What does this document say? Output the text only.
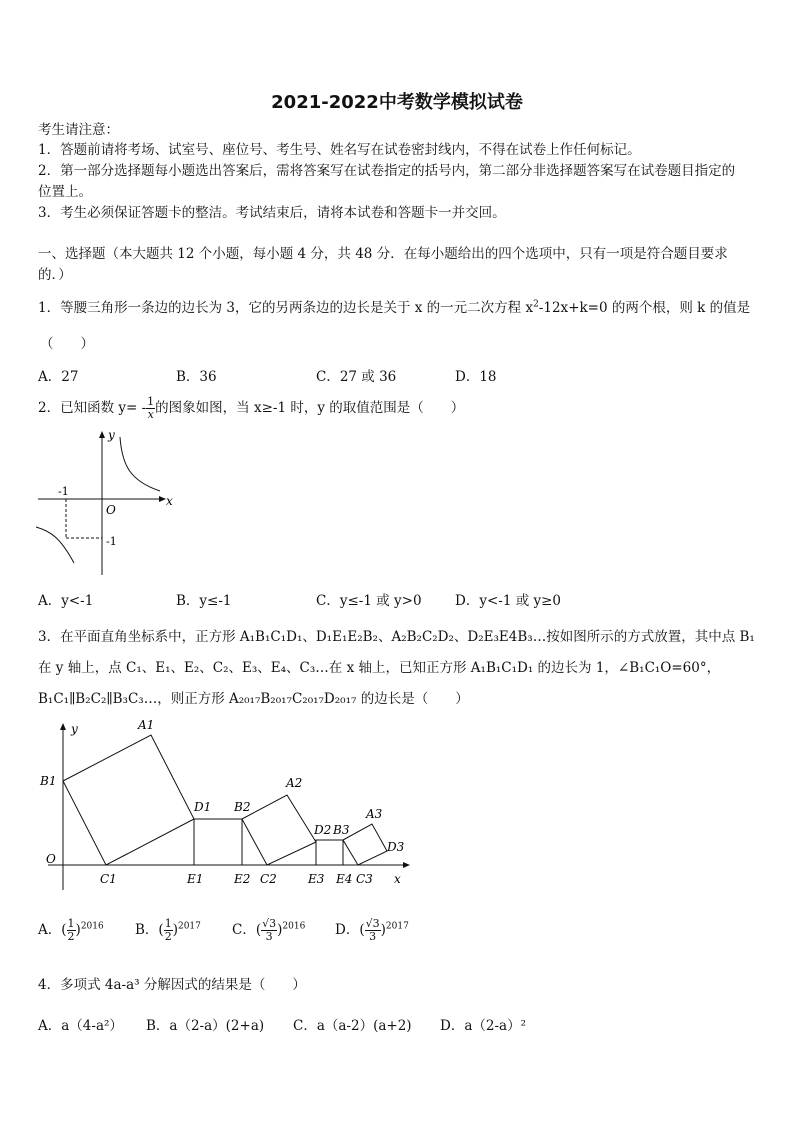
2021-2022中考数学模拟试卷
考生请注意：
1．答题前请将考场、试室号、座位号、考生号、姓名写在试卷密封线内，不得在试卷上作任何标记。
2．第一部分选择题每小题选出答案后，需将答案写在试卷指定的括号内，第二部分非选择题答案写在试卷题目指定的
位置上。
3．考生必须保证答题卡的整洁。考试结束后，请将本试卷和答题卡一并交回。
一、选择题（本大题共 12 个小题，每小题 4 分，共 48 分．在每小题给出的四个选项中，只有一项是符合题目要求
的．）
1．等腰三角形一条边的边长为 3，它的另两条边的边长是关于 x 的一元二次方程 $x^2-12x+k=0$ 的两个根，则 k 的值是
（　　）
A．27	B．36	C．27 或 36	D．18
2．已知函数 $y= - \frac{1}{x}$ 的图象如图，当 x≥-1 时，y 的取值范围是（　　）
y
x
O
-1
-1
A．y<-1	B．y≤-1	C．y≤-1 或 y>0 D．y<-1 或 y≥0
3．在平面直角坐标系中，正方形 A₁B₁C₁D₁、D₁E₁E₂B₂、A₂B₂C₂D₂、D₂E₃E4B₃…按如图所示的方式放置，其中点 B₁
在 y 轴上，点 C₁、E₁、E₂、C₂、E₃、E₄、C₃…在 x 轴上，已知正方形 A₁B₁C₁D₁ 的边长为 1，∠B₁C₁O=60°，
B₁C₁∥B₂C₂∥B₃C₃…，则正方形 A₂₀₁₇B₂₀₁₇C₂₀₁₇D₂₀₁₇ 的边长是（　　）
y	A1
B1
O
C1
D1 B2
E1	E2 C2
A2
D2 B3
E3 E4 C3
A3
D3
x
A．( $\frac{1}{2} )^{2016}$ B．( $\frac{1}{2} )^{2017}$ C．( $\frac{√3}{3} )^{2016}$ D．( $\frac{√3}{3} )^{2017}$
4．多项式 4a-a³ 分解因式的结果是（　　）
A．a（4-a²） B．a（2-a）(2+a) C．a（a-2）(a+2) D．a（2-a）²
